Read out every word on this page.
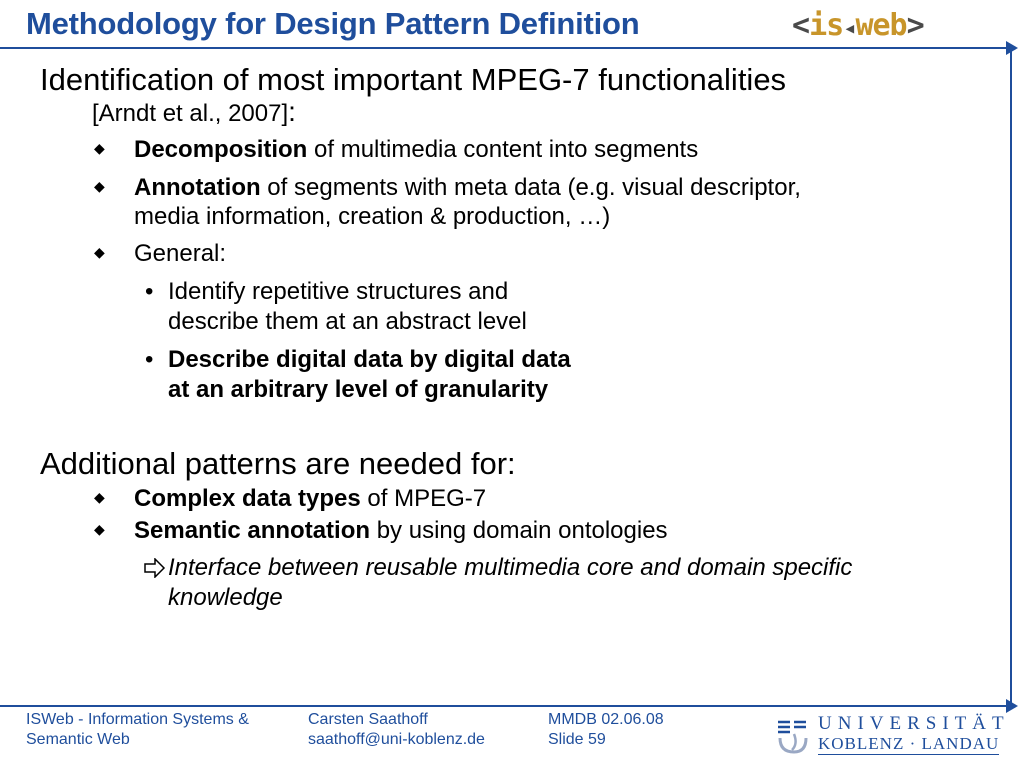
Methodology for Design Pattern Definition	<is◂web>
Identification of most important MPEG-7 functionalities
[Arndt et al., 2007]:
◆ Decomposition of multimedia content into segments
◆ Annotation of segments with meta data (e.g. visual descriptor,
media information, creation & production, …)
◆ General:
• Identify repetitive structures and
describe them at an abstract level
• Describe digital data by digital data
at an arbitrary level of granularity
Additional patterns are needed for:
◆ Complex data types of MPEG-7
◆ Semantic annotation by using domain ontologies
Interface between reusable multimedia core and domain specific
knowledge
ISWeb - Information Systems &
Semantic Web
Carsten Saathoff
saathoff@uni-koblenz.de
MMDB 02.06.08
Slide 59
UNIVERSITÄT
KOBLENZ · LANDAU
